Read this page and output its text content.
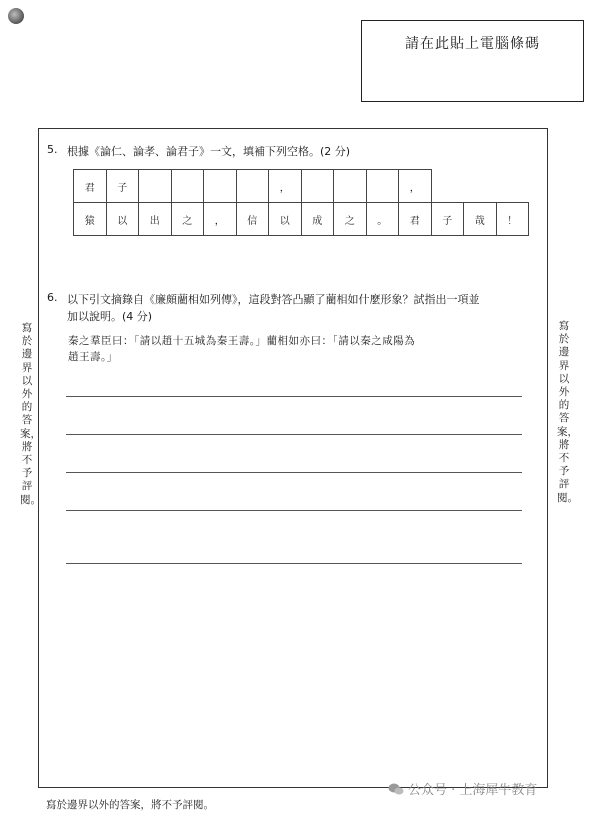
請在此貼上電腦條碼
5. 根據《論仁、論孝、論君子》一文，填補下列空格。(2 分)
君	子					，				，			
猿	以	出	之	，	信	以	成	之	。	君	子	哉	！
6. 以下引文摘錄自《廉頗藺相如列傳》，這段對答凸顯了藺相如什麼形象？試指出一項並
加以說明。(4 分)
秦之羣臣曰：「請以趙十五城為秦王壽。」藺相如亦曰：「請以秦之咸陽為
趙王壽。」
寫於邊界以外的答案，將不予評閱。
寫於邊界以外的答案，將不予評閱。
寫於邊界以外的答案，將不予評閱。
公众号 · 上海犀牛教育
